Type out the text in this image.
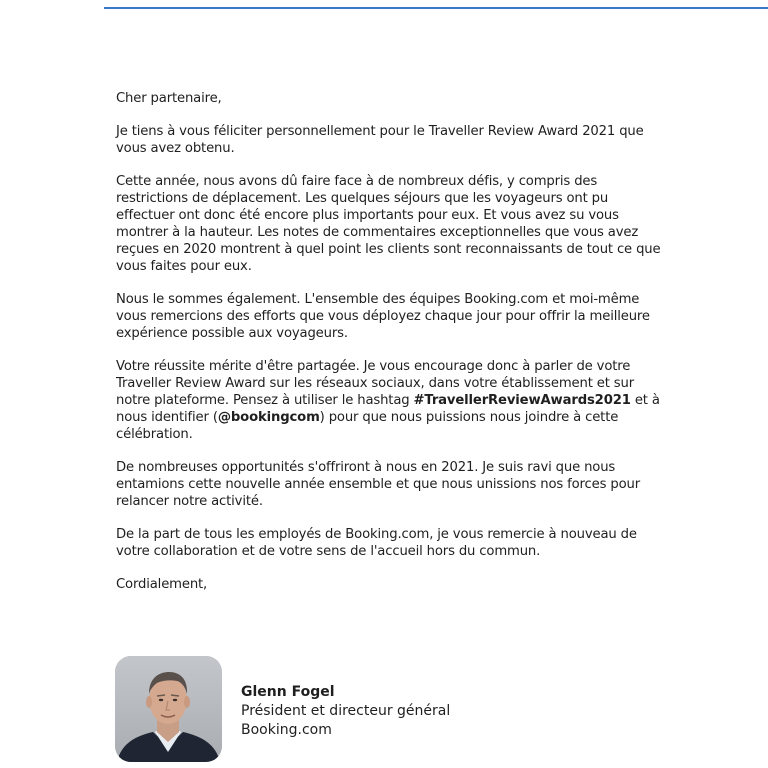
Cher partenaire,

Je tiens à vous féliciter personnellement pour le Traveller Review Award 2021 que vous avez obtenu.

Cette année, nous avons dû faire face à de nombreux défis, y compris des restrictions de déplacement. Les quelques séjours que les voyageurs ont pu effectuer ont donc été encore plus importants pour eux. Et vous avez su vous montrer à la hauteur. Les notes de commentaires exceptionnelles que vous avez reçues en 2020 montrent à quel point les clients sont reconnaissants de tout ce que vous faites pour eux.

Nous le sommes également. L'ensemble des équipes Booking.com et moi-même vous remercions des efforts que vous déployez chaque jour pour offrir la meilleure expérience possible aux voyageurs.

Votre réussite mérite d'être partagée. Je vous encourage donc à parler de votre Traveller Review Award sur les réseaux sociaux, dans votre établissement et sur notre plateforme. Pensez à utiliser le hashtag #TravellerReviewAwards2021 et à nous identifier (@bookingcom) pour que nous puissions nous joindre à cette célébration.

De nombreuses opportunités s'offriront à nous en 2021. Je suis ravi que nous entamions cette nouvelle année ensemble et que nous unissions nos forces pour relancer notre activité.

De la part de tous les employés de Booking.com, je vous remercie à nouveau de votre collaboration et de votre sens de l'accueil hors du commun.

Cordialement,

Glenn Fogel
Président et directeur général
Booking.com
